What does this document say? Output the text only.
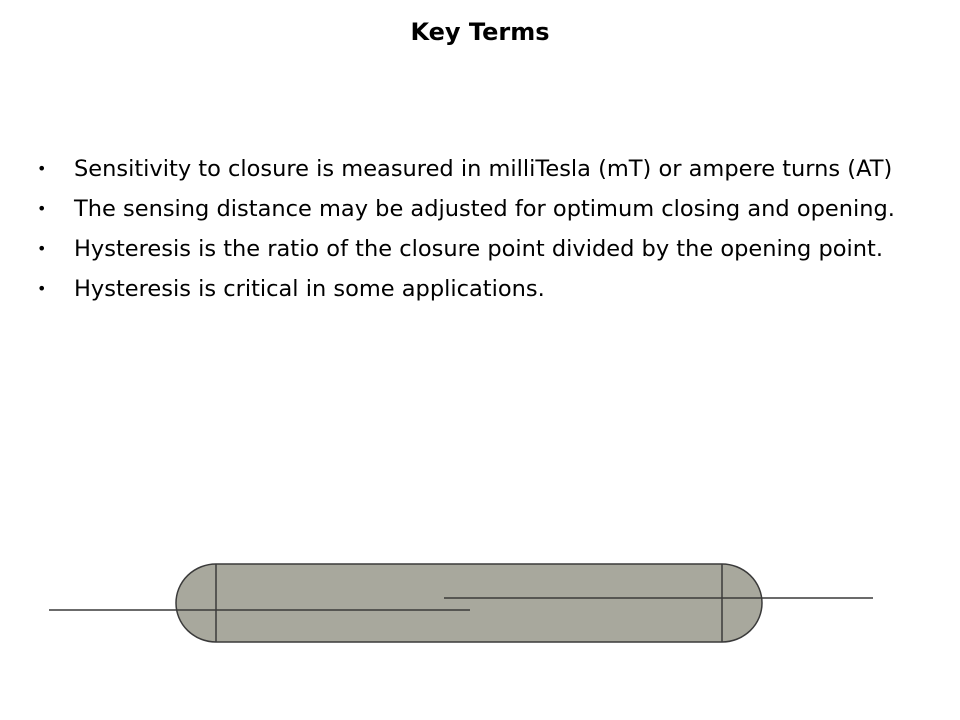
Key Terms
• Sensitivity to closure is measured in milliTesla (mT) or ampere turns (AT)
• The sensing distance may be adjusted for optimum closing and opening.
• Hysteresis is the ratio of the closure point divided by the opening point.
• Hysteresis is critical in some applications.
